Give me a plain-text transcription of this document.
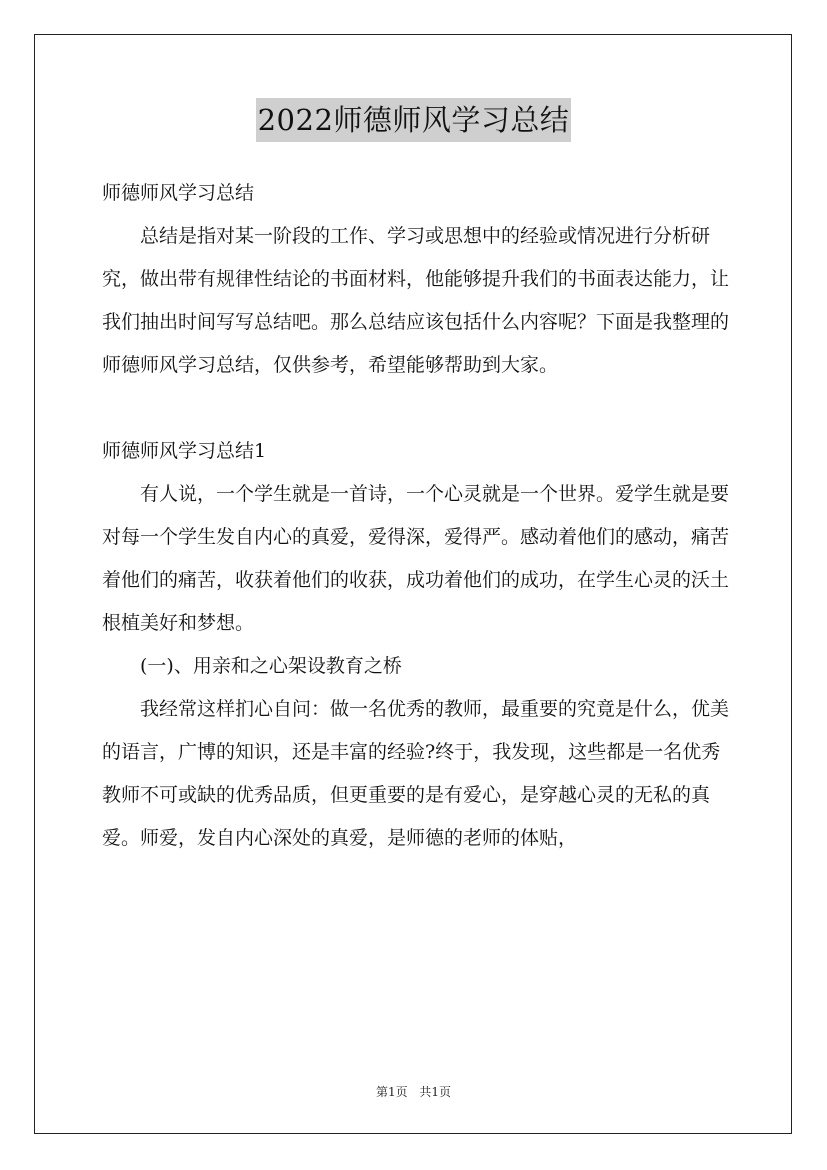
2022师德师风学习总结

师德师风学习总结

总结是指对某一阶段的工作、学习或思想中的经验或情况进行分析研究，做出带有规律性结论的书面材料，他能够提升我们的书面表达能力，让我们抽出时间写写总结吧。那么总结应该包括什么内容呢？下面是我整理的师德师风学习总结，仅供参考，希望能够帮助到大家。

师德师风学习总结1

有人说，一个学生就是一首诗，一个心灵就是一个世界。爱学生就是要对每一个学生发自内心的真爱，爱得深，爱得严。感动着他们的感动，痛苦着他们的痛苦，收获着他们的收获，成功着他们的成功，在学生心灵的沃土根植美好和梦想。

(一)、用亲和之心架设教育之桥

我经常这样扪心自问：做一名优秀的教师，最重要的究竟是什么，优美的语言，广博的知识，还是丰富的经验?终于，我发现，这些都是一名优秀教师不可或缺的优秀品质，但更重要的是有爱心，是穿越心灵的无私的真爱。师爱，发自内心深处的真爱，是师德的老师的体贴，

第1页 共1页
